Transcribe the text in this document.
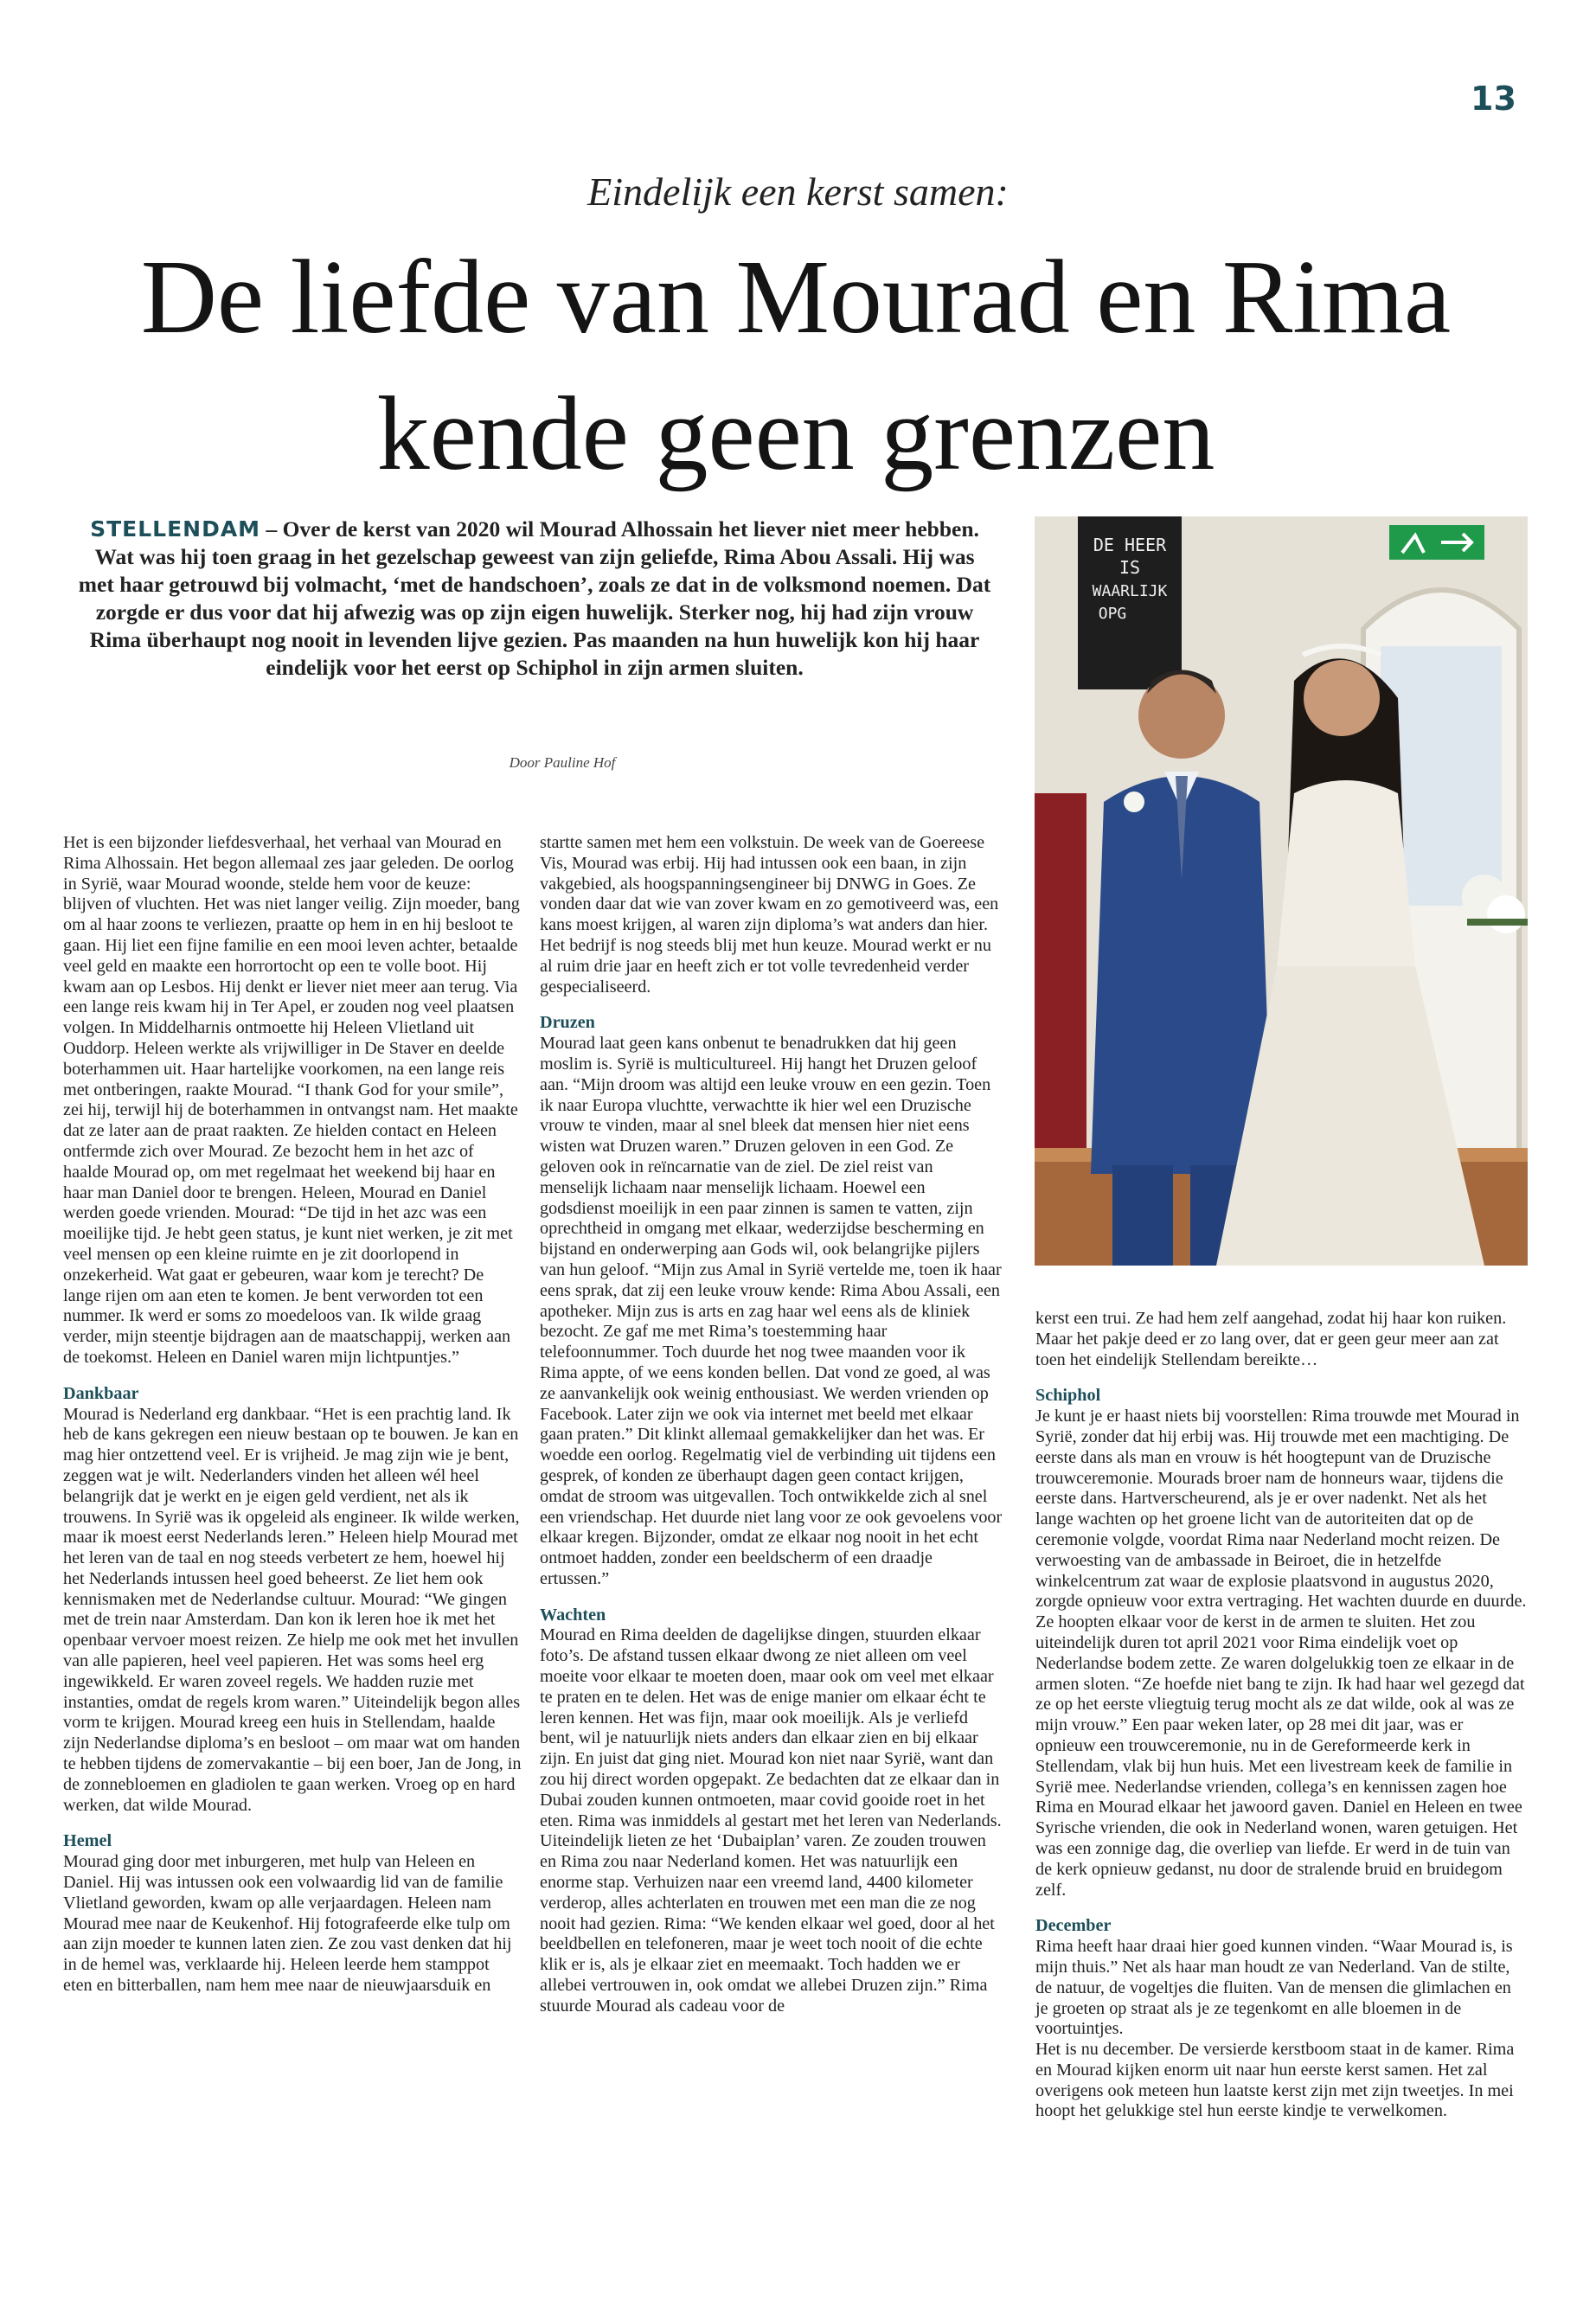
13
Eindelijk een kerst samen:
De liefde van Mourad en Rima kende geen grenzen

STELLENDAM – Over de kerst van 2020 wil Mourad Alhossain het liever niet meer hebben. Wat was hij toen graag in het gezelschap geweest van zijn geliefde, Rima Abou Assali. Hij was met haar getrouwd bij volmacht, ‘met de handschoen’, zoals ze dat in de volksmond noemen. Dat zorgde er dus voor dat hij afwezig was op zijn eigen huwelijk. Sterker nog, hij had zijn vrouw Rima überhaupt nog nooit in levenden lijve gezien. Pas maanden na hun huwelijk kon hij haar eindelijk voor het eerst op Schiphol in zijn armen sluiten.

Door Pauline Hof
DE HEER
IS
WAARLIJK
OPG

Het is een bijzonder liefdesverhaal, het verhaal van Mourad en Rima Alhossain. Het begon allemaal zes jaar geleden. De oorlog in Syrië, waar Mourad woonde, stelde hem voor de keuze: blijven of vluchten. Het was niet langer veilig. Zijn moeder, bang om al haar zoons te verliezen, praatte op hem in en hij besloot te gaan. Hij liet een fijne familie en een mooi leven achter, betaalde veel geld en maakte een horrortocht op een te volle boot. Hij kwam aan op Lesbos. Hij denkt er liever niet meer aan terug. Via een lange reis kwam hij in Ter Apel, er zouden nog veel plaatsen volgen. In Middelharnis ontmoette hij Heleen Vlietland uit Ouddorp. Heleen werkte als vrijwilliger in De Staver en deelde boterhammen uit. Haar hartelijke voorkomen, na een lange reis met ontberingen, raakte Mourad. “I thank God for your smile”, zei hij, terwijl hij de boterhammen in ontvangst nam. Het maakte dat ze later aan de praat raakten. Ze hielden contact en Heleen ontfermde zich over Mourad. Ze bezocht hem in het azc of haalde Mourad op, om met regelmaat het weekend bij haar en haar man Daniel door te brengen. Heleen, Mourad en Daniel werden goede vrienden. Mourad: “De tijd in het azc was een moeilijke tijd. Je hebt geen status, je kunt niet werken, je zit met veel mensen op een kleine ruimte en je zit doorlopend in onzekerheid. Wat gaat er gebeuren, waar kom je terecht? De lange rijen om aan eten te komen. Je bent verworden tot een nummer. Ik werd er soms zo moedeloos van. Ik wilde graag verder, mijn steentje bijdragen aan de maatschappij, werken aan de toekomst. Heleen en Daniel waren mijn lichtpuntjes.”

Dankbaar

Mourad is Nederland erg dankbaar. “Het is een prachtig land. Ik heb de kans gekregen een nieuw bestaan op te bouwen. Je kan en mag hier ontzettend veel. Er is vrijheid. Je mag zijn wie je bent, zeggen wat je wilt. Nederlanders vinden het alleen wél heel belangrijk dat je werkt en je eigen geld verdient, net als ik trouwens. In Syrië was ik opgeleid als engineer. Ik wilde werken, maar ik moest eerst Nederlands leren.” Heleen hielp Mourad met het leren van de taal en nog steeds verbetert ze hem, hoewel hij het Nederlands intussen heel goed beheerst. Ze liet hem ook kennismaken met de Nederlandse cultuur. Mourad: “We gingen met de trein naar Amsterdam. Dan kon ik leren hoe ik met het openbaar vervoer moest reizen. Ze hielp me ook met het invullen van alle papieren, heel veel papieren. Het was soms heel erg ingewikkeld. Er waren zoveel regels. We hadden ruzie met instanties, omdat de regels krom waren.” Uiteindelijk begon alles vorm te krijgen. Mourad kreeg een huis in Stellendam, haalde zijn Nederlandse diploma’s en besloot – om maar wat om handen te hebben tijdens de zomervakantie – bij een boer, Jan de Jong, in de zonnebloemen en gladiolen te gaan werken. Vroeg op en hard werken, dat wilde Mourad.

Hemel

Mourad ging door met inburgeren, met hulp van Heleen en Daniel. Hij was intussen ook een volwaardig lid van de familie Vlietland geworden, kwam op alle verjaardagen. Heleen nam Mourad mee naar de Keukenhof. Hij fotografeerde elke tulp om aan zijn moeder te kunnen laten zien. Ze zou vast denken dat hij in de hemel was, verklaarde hij. Heleen leerde hem stamppot eten en bitterballen, nam hem mee naar de nieuwjaarsduik en

startte samen met hem een volkstuin. De week van de Goereese Vis, Mourad was erbij. Hij had intussen ook een baan, in zijn vakgebied, als hoogspanningsengineer bij DNWG in Goes. Ze vonden daar dat wie van zover kwam en zo gemotiveerd was, een kans moest krijgen, al waren zijn diploma’s wat anders dan hier. Het bedrijf is nog steeds blij met hun keuze. Mourad werkt er nu al ruim drie jaar en heeft zich er tot volle tevredenheid verder gespecialiseerd.

Druzen

Mourad laat geen kans onbenut te benadrukken dat hij geen moslim is. Syrië is multicultureel. Hij hangt het Druzen geloof aan. “Mijn droom was altijd een leuke vrouw en een gezin. Toen ik naar Europa vluchtte, verwachtte ik hier wel een Druzische vrouw te vinden, maar al snel bleek dat mensen hier niet eens wisten wat Druzen waren.” Druzen geloven in een God. Ze geloven ook in reïncarnatie van de ziel. De ziel reist van menselijk lichaam naar menselijk lichaam. Hoewel een godsdienst moeilijk in een paar zinnen is samen te vatten, zijn oprechtheid in omgang met elkaar, wederzijdse bescherming en bijstand en onderwerping aan Gods wil, ook belangrijke pijlers van hun geloof. “Mijn zus Amal in Syrië vertelde me, toen ik haar eens sprak, dat zij een leuke vrouw kende: Rima Abou Assali, een apotheker. Mijn zus is arts en zag haar wel eens als de kliniek bezocht. Ze gaf me met Rima’s toestemming haar telefoonnummer. Toch duurde het nog twee maanden voor ik Rima appte, of we eens konden bellen. Dat vond ze goed, al was ze aanvankelijk ook weinig enthousiast. We werden vrienden op Facebook. Later zijn we ook via internet met beeld met elkaar gaan praten.” Dit klinkt allemaal gemakkelijker dan het was. Er woedde een oorlog. Regelmatig viel de verbinding uit tijdens een gesprek, of konden ze überhaupt dagen geen contact krijgen, omdat de stroom was uitgevallen. Toch ontwikkelde zich al snel een vriendschap. Het duurde niet lang voor ze ook gevoelens voor elkaar kregen. Bijzonder, omdat ze elkaar nog nooit in het echt ontmoet hadden, zonder een beeldscherm of een draadje ertussen.”

Wachten

Mourad en Rima deelden de dagelijkse dingen, stuurden elkaar foto’s. De afstand tussen elkaar dwong ze niet alleen om veel moeite voor elkaar te moeten doen, maar ook om veel met elkaar te praten en te delen. Het was de enige manier om elkaar écht te leren kennen. Het was fijn, maar ook moeilijk. Als je verliefd bent, wil je natuurlijk niets anders dan elkaar zien en bij elkaar zijn. En juist dat ging niet. Mourad kon niet naar Syrië, want dan zou hij direct worden opgepakt. Ze bedachten dat ze elkaar dan in Dubai zouden kunnen ontmoeten, maar covid gooide roet in het eten. Rima was inmiddels al gestart met het leren van Nederlands. Uiteindelijk lieten ze het ‘Dubaiplan’ varen. Ze zouden trouwen en Rima zou naar Nederland komen. Het was natuurlijk een enorme stap. Verhuizen naar een vreemd land, 4400 kilometer verderop, alles achterlaten en trouwen met een man die ze nog nooit had gezien. Rima: “We kenden elkaar wel goed, door al het beeldbellen en telefoneren, maar je weet toch nooit of die echte klik er is, als je elkaar ziet en meemaakt. Toch hadden we er allebei vertrouwen in, ook omdat we allebei Druzen zijn.” Rima stuurde Mourad als cadeau voor de

kerst een trui. Ze had hem zelf aangehad, zodat hij haar kon ruiken. Maar het pakje deed er zo lang over, dat er geen geur meer aan zat toen het eindelijk Stellendam bereikte…

Schiphol

Je kunt je er haast niets bij voorstellen: Rima trouwde met Mourad in Syrië, zonder dat hij erbij was. Hij trouwde met een machtiging. De eerste dans als man en vrouw is hét hoogtepunt van de Druzische trouwceremonie. Mourads broer nam de honneurs waar, tijdens die eerste dans. Hartverscheurend, als je er over nadenkt. Net als het lange wachten op het groene licht van de autoriteiten dat op de ceremonie volgde, voordat Rima naar Nederland mocht reizen. De verwoesting van de ambassade in Beiroet, die in hetzelfde winkelcentrum zat waar de explosie plaatsvond in augustus 2020, zorgde opnieuw voor extra vertraging. Het wachten duurde en duurde. Ze hoopten elkaar voor de kerst in de armen te sluiten. Het zou uiteindelijk duren tot april 2021 voor Rima eindelijk voet op Nederlandse bodem zette. Ze waren dolgelukkig toen ze elkaar in de armen sloten. “Ze hoefde niet bang te zijn. Ik had haar wel gezegd dat ze op het eerste vliegtuig terug mocht als ze dat wilde, ook al was ze mijn vrouw.” Een paar weken later, op 28 mei dit jaar, was er opnieuw een trouwceremonie, nu in de Gereformeerde kerk in Stellendam, vlak bij hun huis. Met een livestream keek de familie in Syrië mee. Nederlandse vrienden, collega’s en kennissen zagen hoe Rima en Mourad elkaar het jawoord gaven. Daniel en Heleen en twee Syrische vrienden, die ook in Nederland wonen, waren getuigen. Het was een zonnige dag, die overliep van liefde. Er werd in de tuin van de kerk opnieuw gedanst, nu door de stralende bruid en bruidegom zelf.

December

Rima heeft haar draai hier goed kunnen vinden. “Waar Mourad is, is mijn thuis.” Net als haar man houdt ze van Nederland. Van de stilte, de natuur, de vogeltjes die fluiten. Van de mensen die glimlachen en je groeten op straat als je ze tegenkomt en alle bloemen in de voortuintjes.

Het is nu december. De versierde kerstboom staat in de kamer. Rima en Mourad kijken enorm uit naar hun eerste kerst samen. Het zal overigens ook meteen hun laatste kerst zijn met zijn tweetjes. In mei hoopt het gelukkige stel hun eerste kindje te verwelkomen.
